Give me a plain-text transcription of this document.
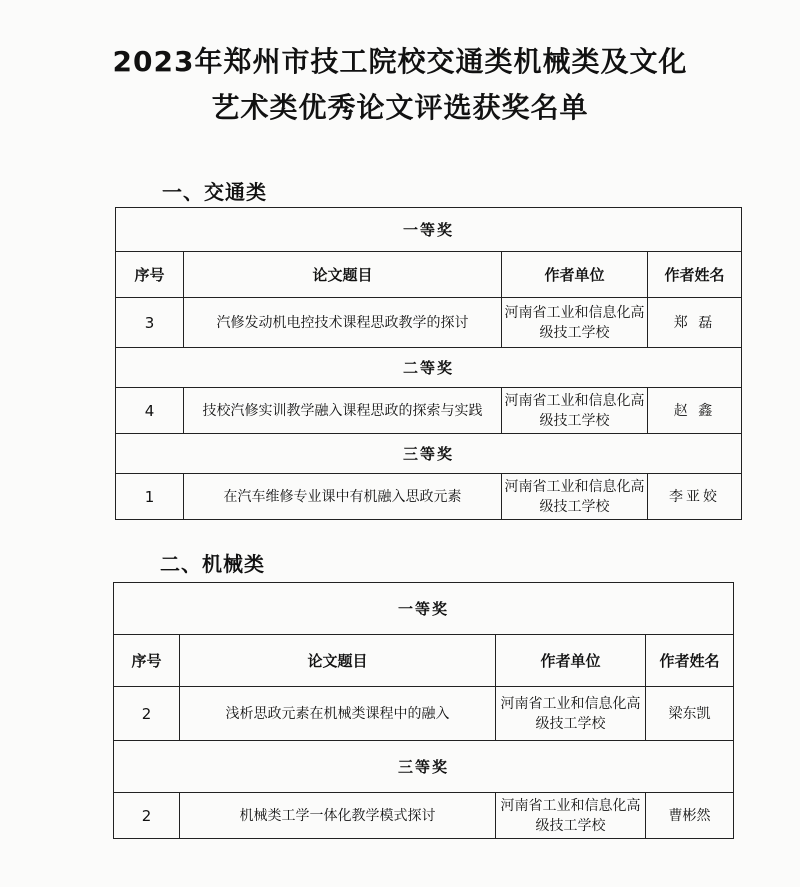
2023年郑州市技工院校交通类机械类及文化
艺术类优秀论文评选获奖名单
一、交通类
一等奖			
序号	论文题目	作者单位	作者姓名
3	汽修发动机电控技术课程思政教学的探讨	河南省工业和信息化高级技工学校	郑 磊
二等奖			
4	技校汽修实训教学融入课程思政的探索与实践	河南省工业和信息化高级技工学校	赵 鑫
三等奖			
1	在汽车维修专业课中有机融入思政元素	河南省工业和信息化高级技工学校	李亚姣
二、机械类
一等奖			
序号	论文题目	作者单位	作者姓名
2	浅析思政元素在机械类课程中的融入	河南省工业和信息化高级技工学校	梁东凯
三等奖			
2	机械类工学一体化教学模式探讨	河南省工业和信息化高级技工学校	曹彬然
